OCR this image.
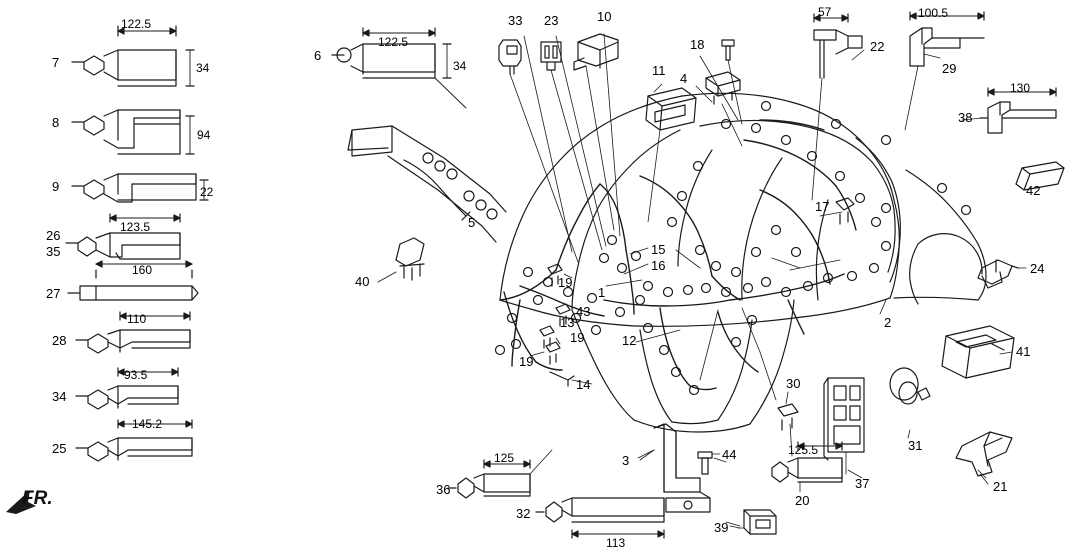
7
8
9
26
35
27
28
34
25
6
33 23	10
18
4
11
22
29
38
42
5
40
15
16
17
24
2
1
19
19
19
13
43
12
14
41
30
31
37	21
20
3	44
39
36
32
122.5
34
94
22
123.5
160
110
93.5
145.2
122.5
34
57	100.5
130
125
113
125.5
FR.
